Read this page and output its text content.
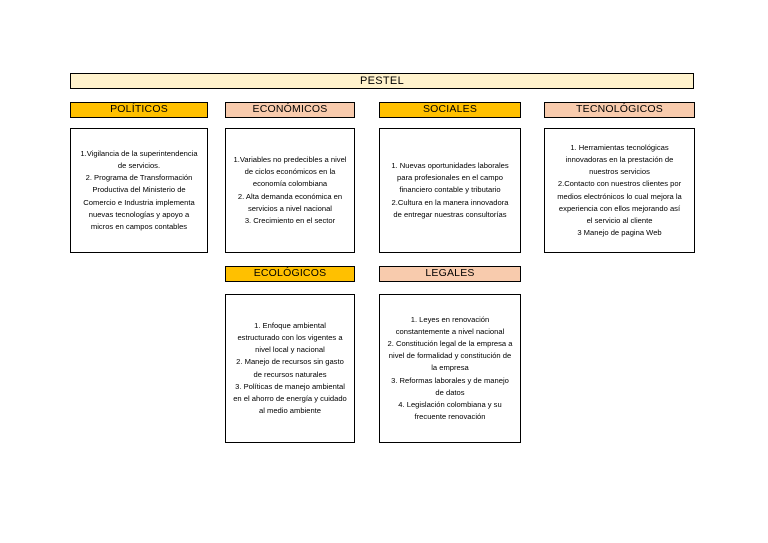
PESTEL
POLÍTICOS	ECONÓMICOS	SOCIALES	TECNOLÓGICOS
1.Vigilancia de la superintendencia
de servicios.
2. Programa de Transformación
Productiva del Ministerio de
Comercio e Industria implementa
nuevas tecnologías y apoyo a
micros en campos contables
1.Variables no predecibles a nivel
de ciclos económicos en la
economía colombiana
2. Alta demanda económica en
servicios a nivel nacional
3. Crecimiento en el sector
1. Nuevas oportunidades laborales
para profesionales en el campo
financiero contable y tributario
2.Cultura en la manera innovadora
de entregar nuestras consultorías
1. Herramientas tecnológicas
innovadoras en la prestación de
nuestros servicios
2.Contacto con nuestros clientes por
medios electrónicos lo cual mejora la
experiencia con ellos mejorando así
el servicio al cliente
3 Manejo de pagina Web
ECOLÓGICOS	LEGALES
1. Enfoque ambiental
estructurado con los vigentes a
nivel local y nacional
2. Manejo de recursos sin gasto
de recursos naturales
3. Políticas de manejo ambiental
en el ahorro de energía y cuidado
al medio ambiente
1. Leyes en renovación
constantemente a nivel nacional
2. Constitución legal de la empresa a
nivel de formalidad y constitución de
la empresa
3. Reformas laborales y de manejo
de datos
4. Legislación colombiana y su
frecuente renovación
